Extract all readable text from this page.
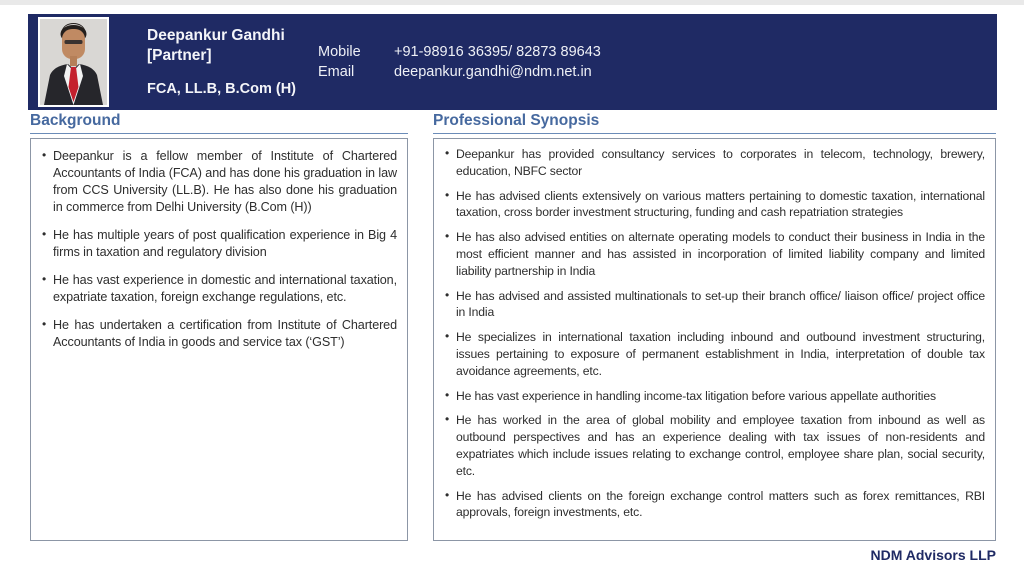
Deepankur Gandhi
[Partner]
FCA, LL.B, B.Com (H)
Mobile	+91-98916 36395/ 82873 89643
Email	deepankur.gandhi@ndm.net.in
Background
• Deepankur is a fellow member of Institute of Chartered Accountants of India (FCA) and has done his graduation in law from CCS University (LL.B). He has also done his graduation in commerce from Delhi University (B.Com (H))
• He has multiple years of post qualification experience in Big 4 firms in taxation and regulatory division
• He has vast experience in domestic and international taxation, expatriate taxation, foreign exchange regulations, etc.
• He has undertaken a certification from Institute of Chartered Accountants of India in goods and service tax (‘GST’)
Professional Synopsis
• Deepankur has provided consultancy services to corporates in telecom, technology, brewery, education, NBFC sector
• He has advised clients extensively on various matters pertaining to domestic taxation, international taxation, cross border investment structuring, funding and cash repatriation strategies
• He has also advised entities on alternate operating models to conduct their business in India in the most efficient manner and has assisted in incorporation of limited liability company and limited liability partnership in India
• He has advised and assisted multinationals to set-up their branch office/ liaison office/ project office in India
• He specializes in international taxation including inbound and outbound investment structuring, issues pertaining to exposure of permanent establishment in India, interpretation of double tax avoidance agreements, etc.
• He has vast experience in handling income-tax litigation before various appellate authorities
• He has worked in the area of global mobility and employee taxation from inbound as well as outbound perspectives and has an experience dealing with tax issues of non-residents and expatriates which include issues relating to exchange control, employee share plan, social security, etc.
• He has advised clients on the foreign exchange control matters such as forex remittances, RBI approvals, foreign investments, etc.
NDM Advisors LLP
